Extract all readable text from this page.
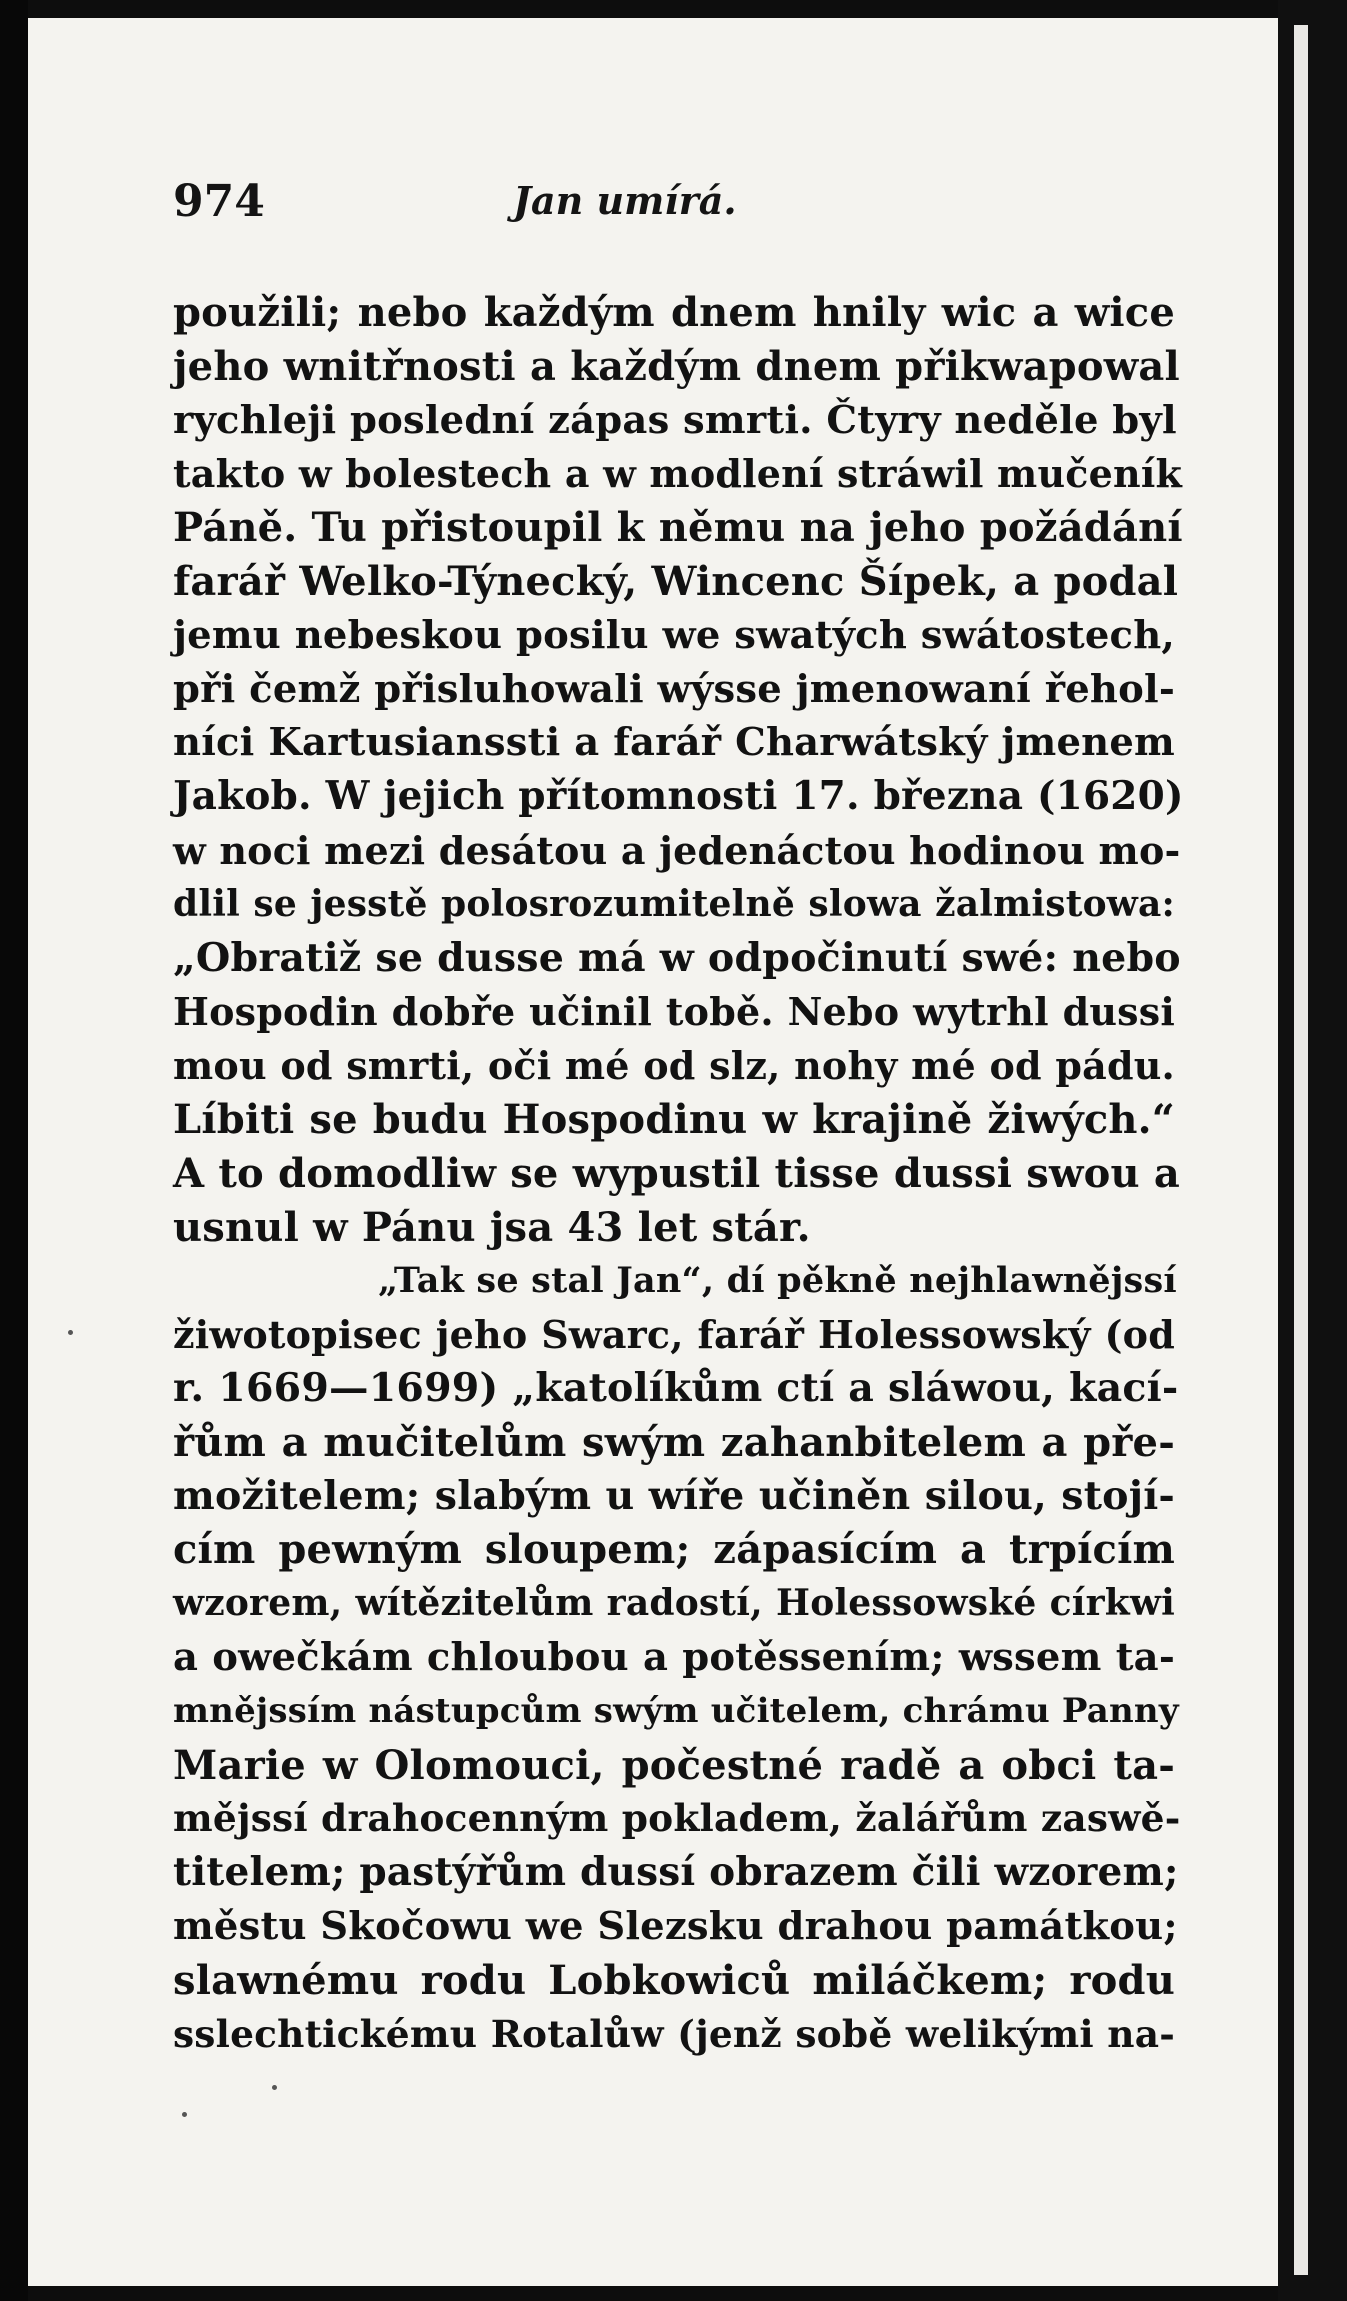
974	Jan umírá.
použili; nebo každým dnem hnily wic a wice
jeho wnitřnosti a každým dnem přikwapowal
rychleji poslední zápas smrti. Čtyry neděle byl
takto w bolestech a w modlení stráwil mučeník
Páně. Tu přistoupil k němu na jeho požádání
farář Welko-Týnecký, Wincenc Šípek, a podal
jemu nebeskou posilu we swatých swátostech,
při čemž přisluhowali wýsse jmenowaní řehol-
níci Kartusianssti a farář Charwátský jmenem
Jakob. W jejich přítomnosti 17. března (1620)
w noci mezi desátou a jedenáctou hodinou mo-
dlil se jesstě polosrozumitelně slowa žalmistowa:
„Obratiž se dusse má w odpočinutí swé: nebo
Hospodin dobře učinil tobě. Nebo wytrhl dussi
mou od smrti, oči mé od slz, nohy mé od pádu.
Líbiti se budu Hospodinu w krajině žiwých.“
A to domodliw se wypustil tisse dussi swou a
usnul w Pánu jsa 43 let stár.
„Tak se stal Jan“, dí pěkně nejhlawnějssí
žiwotopisec jeho Swarc, farář Holessowský (od
r. 1669—1699) „katolíkům ctí a sláwou, kací-
řům a mučitelům swým zahanbitelem a pře-
možitelem; slabým u wíře učiněn silou, stojí-
cím pewným sloupem; zápasícím a trpícím
wzorem, wítězitelům radostí, Holessowské církwi
a owečkám chloubou a potěssením; wssem ta-
mnějssím nástupcům swým učitelem, chrámu Panny
Marie w Olomouci, počestné radě a obci ta-
mějssí drahocenným pokladem, žalářům zaswě-
titelem; pastýřům dussí obrazem čili wzorem;
městu Skočowu we Slezsku drahou památkou;
slawnému rodu Lobkowiců miláčkem; rodu
sslechtickému Rotalůw (jenž sobě welikými na-
